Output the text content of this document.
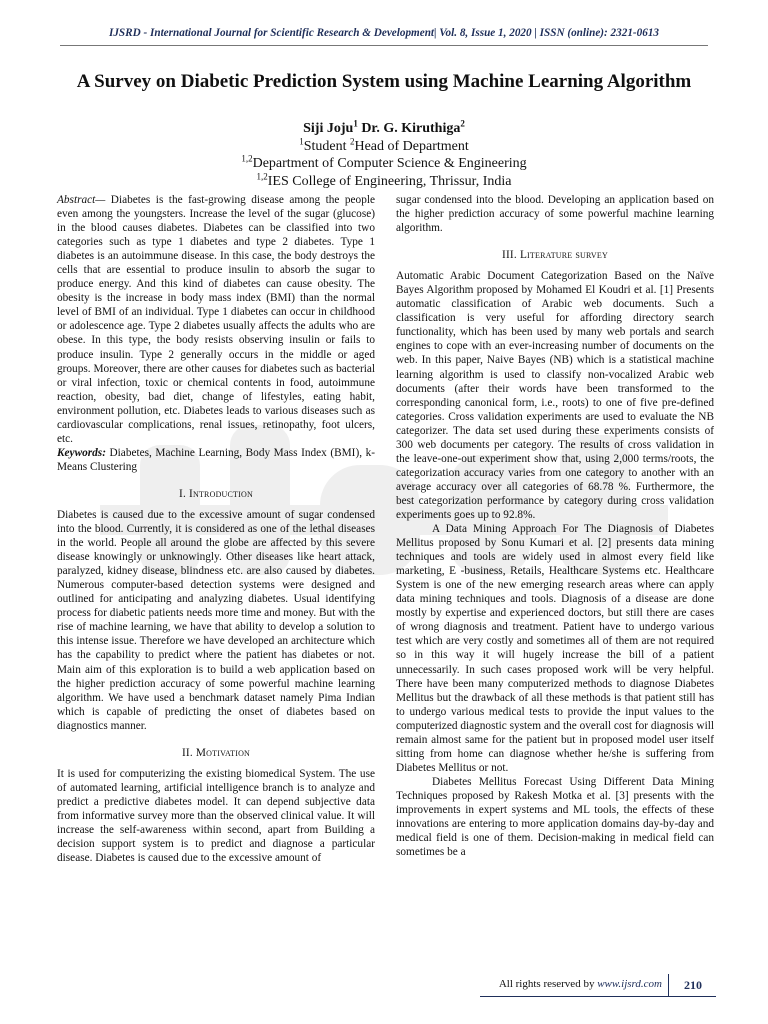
IJSRD - International Journal for Scientific Research & Development| Vol. 8, Issue 1, 2020 | ISSN (online): 2321-0613
A Survey on Diabetic Prediction System using Machine Learning Algorithm
Siji Joju$^1$ Dr. G. Kiruthiga$^2$
$^1$Student $^2$Head of Department
$^{1,2}$Department of Computer Science & Engineering
$^{1,2}$IES College of Engineering, Thrissur, India

Abstract— Diabetes is the fast-growing disease among the people even among the youngsters. Increase the level of the sugar (glucose) in the blood causes diabetes. Diabetes can be classified into two categories such as type 1 diabetes and type 2 diabetes. Type 1 diabetes is an autoimmune disease. In this case, the body destroys the cells that are essential to produce insulin to absorb the sugar to produce energy. And this kind of diabetes can cause obesity. The obesity is the increase in body mass index (BMI) than the normal level of BMI of an individual. Type 1 diabetes can occur in childhood or adolescence age. Type 2 diabetes usually affects the adults who are obese. In this type, the body resists observing insulin or fails to produce insulin. Type 2 generally occurs in the middle or aged groups. Moreover, there are other causes for diabetes such as bacterial or viral infection, toxic or chemical contents in food, autoimmune reaction, obesity, bad diet, change of lifestyles, eating habit, environment pollution, etc. Diabetes leads to various diseases such as cardiovascular complications, renal issues, retinopathy, foot ulcers, etc.

Keywords: Diabetes, Machine Learning, Body Mass Index (BMI), k-Means Clustering

I. Introduction

Diabetes is caused due to the excessive amount of sugar condensed into the blood. Currently, it is considered as one of the lethal diseases in the world. People all around the globe are affected by this severe disease knowingly or unknowingly. Other diseases like heart attack, paralyzed, kidney disease, blindness etc. are also caused by diabetes. Numerous computer-based detection systems were designed and outlined for anticipating and analyzing diabetes. Usual identifying process for diabetic patients needs more time and money. But with the rise of machine learning, we have that ability to develop a solution to this intense issue. Therefore we have developed an architecture which has the capability to predict where the patient has diabetes or not. Main aim of this exploration is to build a web application based on the higher prediction accuracy of some powerful machine learning algorithm. We have used a benchmark dataset namely Pima Indian which is capable of predicting the onset of diabetes based on diagnostics manner.

II. Motivation

It is used for computerizing the existing biomedical System. The use of automated learning, artificial intelligence branch is to analyze and predict a predictive diabetes model. It can depend subjective data from informative survey more than the observed clinical value. It will increase the self-awareness within second, apart from Building a decision support system is to predict and diagnose a particular disease. Diabetes is caused due to the excessive amount of

sugar condensed into the blood. Developing an application based on the higher prediction accuracy of some powerful machine learning algorithm.

III. Literature survey

Automatic Arabic Document Categorization Based on the Naïve Bayes Algorithm proposed by Mohamed El Koudri et al. [1] Presents automatic classification of Arabic web documents. Such a classification is very useful for affording directory search functionality, which has been used by many web portals and search engines to cope with an ever-increasing number of documents on the web. In this paper, Naive Bayes (NB) which is a statistical machine learning algorithm is used to classify non-vocalized Arabic web documents (after their words have been transformed to the corresponding canonical form, i.e., roots) to one of five pre-defined categories. Cross validation experiments are used to evaluate the NB categorizer. The data set used during these experiments consists of 300 web documents per category. The results of cross validation in the leave-one-out experiment show that, using 2,000 terms/roots, the categorization accuracy varies from one category to another with an average accuracy over all categories of 68.78 %. Furthermore, the best categorization performance by category during cross validation experiments goes up to 92.8%.

A Data Mining Approach For The Diagnosis of Diabetes Mellitus proposed by Sonu Kumari et al. [2] presents data mining techniques and tools are widely used in almost every field like marketing, E -business, Retails, Healthcare Systems etc. Healthcare System is one of the new emerging research areas where can apply data mining techniques and tools. Diagnosis of a disease are done mostly by expertise and experienced doctors, but still there are cases of wrong diagnosis and treatment. Patient have to undergo various test which are very costly and sometimes all of them are not required so in this way it will hugely increase the bill of a patient unnecessarily. In such cases proposed work will be very helpful. There have been many computerized methods to diagnose Diabetes Mellitus but the drawback of all these methods is that patient still has to undergo various medical tests to provide the input values to the computerized diagnostic system and the overall cost for diagnosis will remain almost same for the patient but in proposed model user itself sitting from home can diagnose whether he/she is suffering from Diabetes Mellitus or not.

Diabetes Mellitus Forecast Using Different Data Mining Techniques proposed by Rakesh Motka et al. [3] presents with the improvements in expert systems and ML tools, the effects of these innovations are entering to more application domains day-by-day and medical field is one of them. Decision-making in medical field can sometimes be a

All rights reserved by www.ijsrd.com	210
